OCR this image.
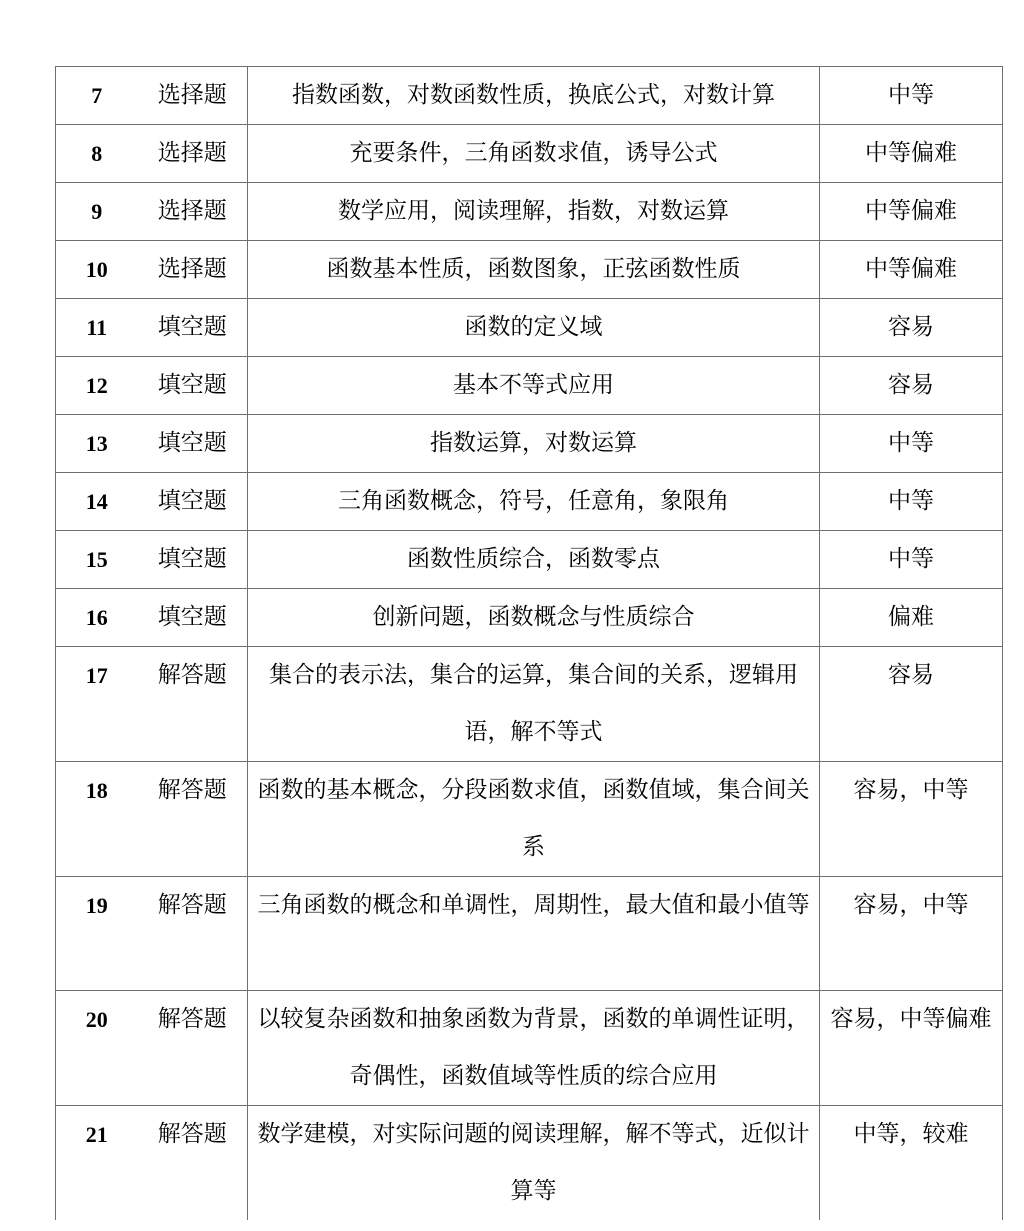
7	选择题	指数函数，对数函数性质，换底公式，对数计算	中等
8	选择题	充要条件，三角函数求值，诱导公式	中等偏难
9	选择题	数学应用，阅读理解，指数，对数运算	中等偏难
10	选择题	函数基本性质，函数图象，正弦函数性质	中等偏难
11	填空题	函数的定义域	容易
12	填空题	基本不等式应用	容易
13	填空题	指数运算，对数运算	中等
14	填空题	三角函数概念，符号，任意角，象限角	中等
15	填空题	函数性质综合，函数零点	中等
16	填空题	创新问题，函数概念与性质综合	偏难
17	解答题	集合的表示法，集合的运算，集合间的关系，逻辑用语，解不等式	容易
18	解答题	函数的基本概念，分段函数求值，函数值域，集合间关系	容易，中等
19	解答题	三角函数的概念和单调性，周期性，最大值和最小值等	容易，中等
20	解答题	以较复杂函数和抽象函数为背景，函数的单调性证明，奇偶性，函数值域等性质的综合应用	容易，中等偏难
21	解答题	数学建模，对实际问题的阅读理解，解不等式，近似计算等	中等，较难
